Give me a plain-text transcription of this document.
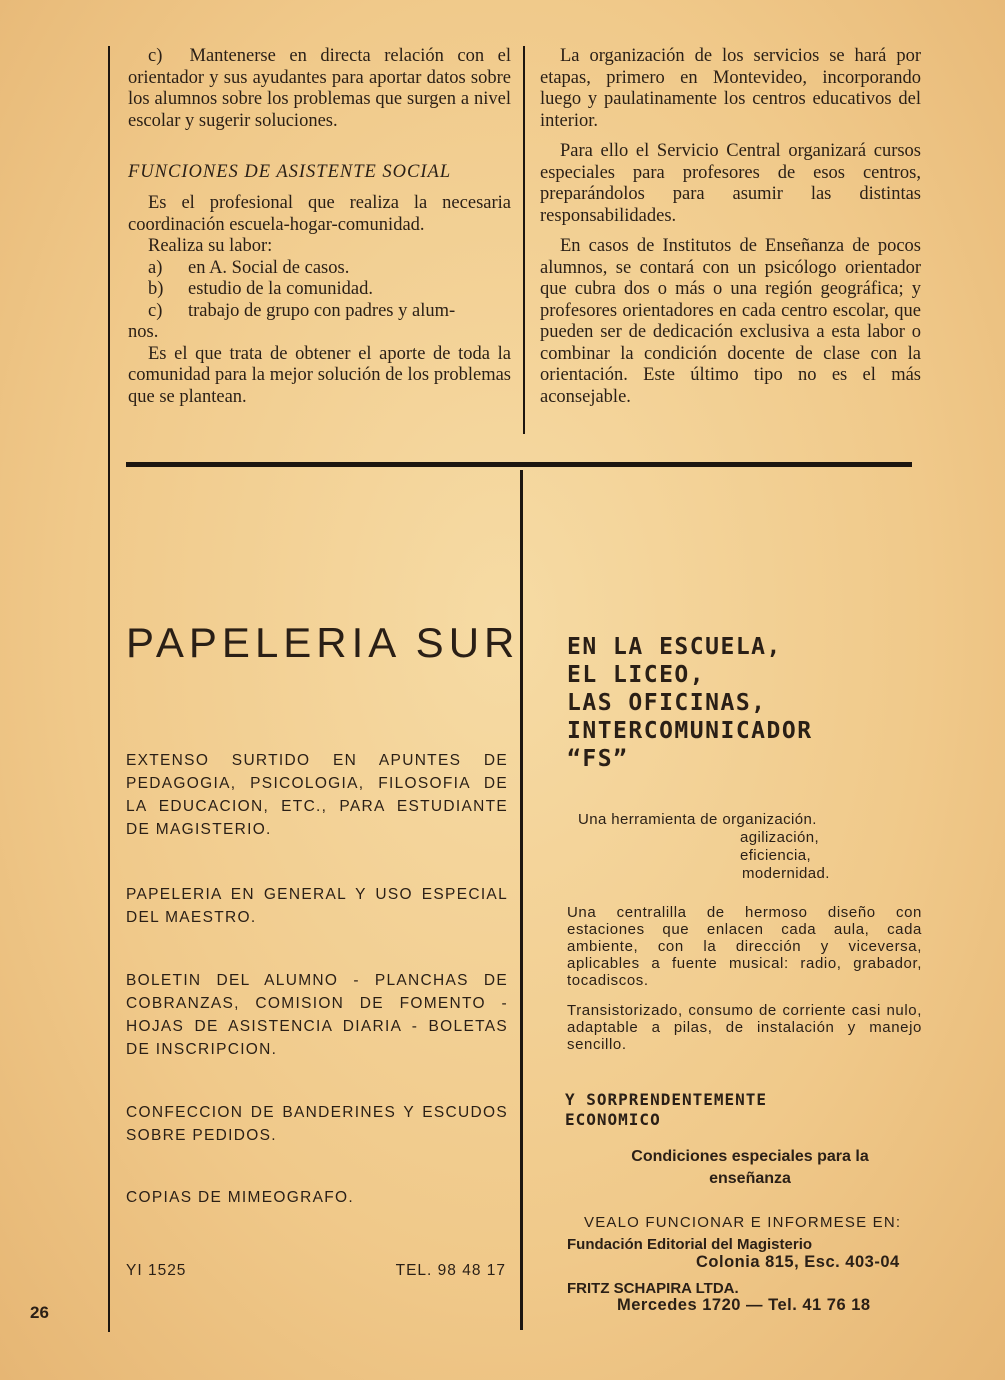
c) Mantenerse en directa relación con el orientador y sus ayudantes para aportar datos sobre los alumnos sobre los problemas que surgen a nivel escolar y sugerir soluciones.

FUNCIONES DE ASISTENTE SOCIAL

Es el profesional que realiza la necesaria coordinación escuela-hogar-comunidad.

Realiza su labor:

a) en A. Social de casos.

b) estudio de la comunidad.

c) trabajo de grupo con padres y alum-

nos.

Es el que trata de obtener el aporte de toda la comunidad para la mejor solución de los problemas que se plantean.

La organización de los servicios se hará por etapas, primero en Montevideo, incorporando luego y paulatinamente los centros educativos del interior.

Para ello el Servicio Central organizará cursos especiales para profesores de esos centros, preparándolos para asumir las distintas responsabilidades.

En casos de Institutos de Enseñanza de pocos alumnos, se contará con un psicólogo orientador que cubra dos o más o una región geográfica; y profesores orientadores en cada centro escolar, que pueden ser de dedicación exclusiva a esta labor o combinar la condición docente de clase con la orientación. Este último tipo no es el más aconsejable.

PAPELERIA SUR

EXTENSO SURTIDO EN APUNTES DE PEDAGOGIA, PSICOLOGIA, FILOSOFIA DE LA EDUCACION, ETC., PARA ESTUDIANTE DE MAGISTERIO.

PAPELERIA EN GENERAL Y USO ESPECIAL DEL MAESTRO.

BOLETIN DEL ALUMNO - PLANCHAS DE COBRANZAS, COMISION DE FOMENTO - HOJAS DE ASISTENCIA DIARIA - BOLETAS DE INSCRIPCION.

CONFECCION DE BANDERINES Y ESCUDOS SOBRE PEDIDOS.

COPIAS DE MIMEOGRAFO.

YI 1525	TEL. 98 48 17
EN LA ESCUELA,
EL LICEO,
LAS OFICINAS,
INTERCOMUNICADOR
“FS”
Una herramienta de organización.
agilización,
eficiencia,
modernidad.

Una centralilla de hermoso diseño con estaciones que enlacen cada aula, cada ambiente, con la dirección y viceversa, aplicables a fuente musical: radio, grabador, tocadiscos.

Transistorizado, consumo de corriente casi nulo, adaptable a pilas, de instalación y manejo sencillo.

Y SORPRENDENTEMENTE
ECONOMICO
Condiciones especiales para la
enseñanza
VEALO FUNCIONAR E INFORMESE EN:
Fundación Editorial del Magisterio
Colonia 815, Esc. 403-04
FRITZ SCHAPIRA LTDA.
Mercedes 1720 — Tel. 41 76 18
26
